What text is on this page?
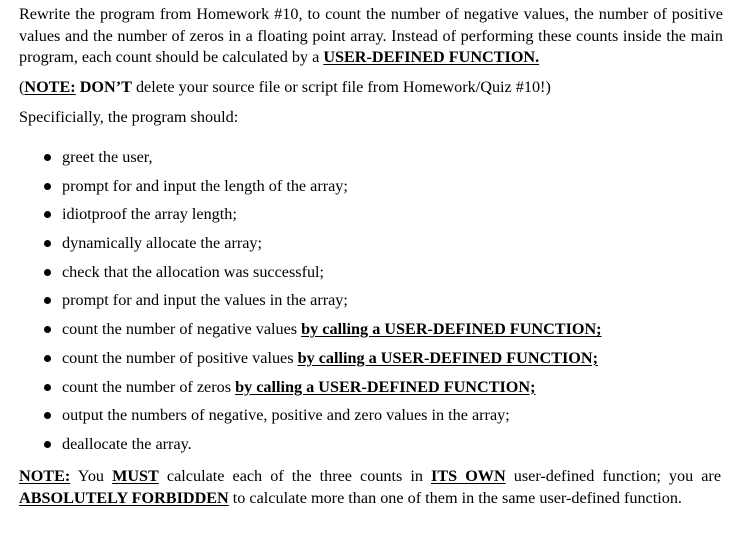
Rewrite the program from Homework #10, to count the number of negative values, the number of positive values and the number of zeros in a floating point array. Instead of performing these counts inside the main program, each count should be calculated by a USER-DEFINED FUNCTION.

(NOTE: DON’T delete your source file or script file from Homework/Quiz #10!)

Specificially, the program should:

greet the user,
prompt for and input the length of the array;
idiotproof the array length;
dynamically allocate the array;
check that the allocation was successful;
prompt for and input the values in the array;
count the number of negative values by calling a USER-DEFINED FUNCTION;
count the number of positive values by calling a USER-DEFINED FUNCTION;
count the number of zeros by calling a USER-DEFINED FUNCTION;
output the numbers of negative, positive and zero values in the array;
deallocate the array.

NOTE: You MUST calculate each of the three counts in ITS OWN user-defined function; you are ABSOLUTELY FORBIDDEN to calculate more than one of them in the same user-defined function.
